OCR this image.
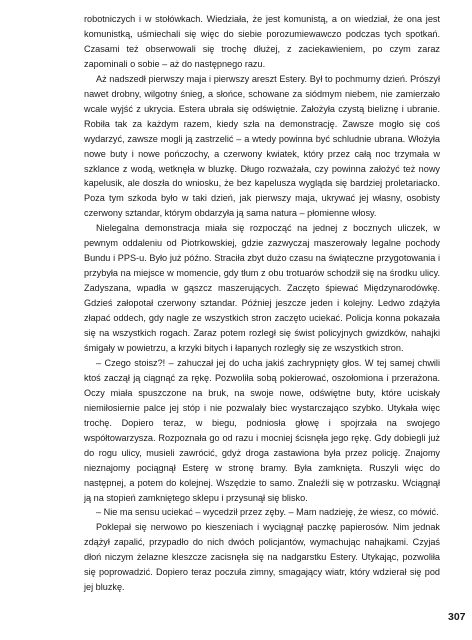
robotniczych i w stołówkach. Wiedziała, że jest komunistą, a on wiedział, że ona jest komunistką, uśmiechali się więc do siebie porozumiewawczo podczas tych spotkań. Czasami też obserwowali się trochę dłużej, z zaciekawieniem, po czym zaraz zapominali o sobie – aż do następnego razu.

Aż nadszedł pierwszy maja i pierwszy areszt Estery. Był to pochmurny dzień. Prószył nawet drobny, wilgotny śnieg, a słońce, schowane za siódmym niebem, nie zamierzało wcale wyjść z ukrycia. Estera ubrała się odświętnie. Założyła czystą bieliznę i ubranie. Robiła tak za każdym razem, kiedy szła na demonstrację. Zawsze mogło się coś wydarzyć, zawsze mogli ją zastrzelić – a wtedy powinna być schludnie ubrana. Włożyła nowe buty i nowe pończochy, a czerwony kwiatek, który przez całą noc trzymała w szklance z wodą, wetknęła w bluzkę. Długo rozważała, czy powinna założyć też nowy kapelusik, ale doszła do wniosku, że bez kapelusza wygląda się bardziej proletariacko. Poza tym szkoda było w taki dzień, jak pierwszy maja, ukrywać jej własny, osobisty czerwony sztandar, którym obdarzyła ją sama natura – płomienne włosy.

Nielegalna demonstracja miała się rozpocząć na jednej z bocznych uliczek, w pewnym oddaleniu od Piotrkowskiej, gdzie zazwyczaj maszerowały legalne pochody Bundu i PPS-u. Było już późno. Straciła zbyt dużo czasu na świąteczne przygotowania i przybyła na miejsce w momencie, gdy tłum z obu trotuarów schodził się na środku ulicy. Zadyszana, wpadła w gąszcz maszerujących. Zaczęto śpiewać Międzynarodówkę. Gdzieś załopotał czerwony sztandar. Później jeszcze jeden i kolejny. Ledwo zdążyła złapać oddech, gdy nagle ze wszystkich stron zaczęto uciekać. Policja konna pokazała się na wszystkich rogach. Zaraz potem rozległ się świst policyjnych gwizdków, nahajki śmigały w powietrzu, a krzyki bitych i łapanych rozległy się ze wszystkich stron.

– Czego stoisz?! – zahuczał jej do ucha jakiś zachrypnięty głos. W tej samej chwili ktoś zaczął ją ciągnąć za rękę. Pozwoliła sobą pokierować, oszołomiona i przerażona. Oczy miała spuszczone na bruk, na swoje nowe, odświętne buty, które uciskały niemiłosiernie palce jej stóp i nie pozwalały biec wystarczająco szybko. Utykała więc trochę. Dopiero teraz, w biegu, podniosła głowę i spojrzała na swojego współtowarzysza. Rozpoznała go od razu i mocniej ścisnęła jego rękę. Gdy dobiegli już do rogu ulicy, musieli zawrócić, gdyż droga zastawiona była przez policję. Znajomy nieznajomy pociągnął Esterę w stronę bramy. Była zamknięta. Ruszyli więc do następnej, a potem do kolejnej. Wszędzie to samo. Znaleźli się w potrzasku. Wciągnął ją na stopień zamkniętego sklepu i przysunął się blisko.

– Nie ma sensu uciekać – wycedził przez zęby. – Mam nadzieję, że wiesz, co mówić.

Poklepał się nerwowo po kieszeniach i wyciągnął paczkę papierosów. Nim jednak zdążył zapalić, przypadło do nich dwóch policjantów, wymachując nahajkami. Czyjaś dłoń niczym żelazne kleszcze zacisnęła się na nadgarstku Estery. Utykając, pozwoliła się poprowadzić. Dopiero teraz poczuła zimny, smagający wiatr, który wdzierał się pod jej bluzkę.

307
